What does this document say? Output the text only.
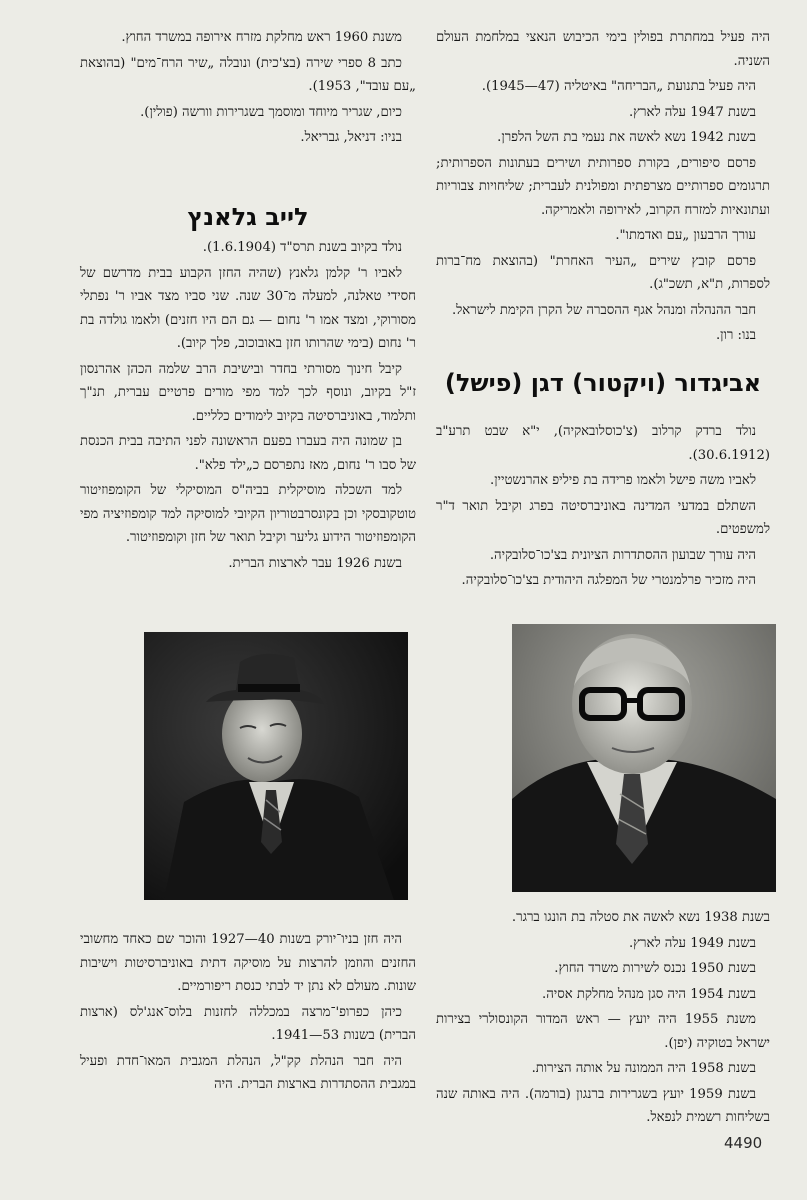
היה פעיל במחתרת בפולין בימי הכיבוש הנאצי במלחמת העולם השניה.

היה פעיל בתנועת „הבריחה" באיטליה (47—1945).

בשנת 1947 עלה לארץ.

בשנת 1942 נשא לאשה את נעמי בת השל הלפרן.

פרסם סיפורים, בקורת ספרותית ושירים בעתונות הספרותית; תרגומים ספרותיים מצרפתית ומפולנית לעברית; שליחויות צבוריות ועתונאיות למזרח הקרוב, לאירופה ולאמריקה.

עורך הרבעון „עם ואדמתו".

פרסם קובץ שירים „העיר האחרת" (בהוצאת מח־ברות לספרות, ת"א, תשכ"ג).

חבר ההנהלה ומנהל אגף ההסברה של הקרן הקימת לישראל.

בנו: רון.

משנת 1960 ראש מחלקת מזרח אירופה במשרד החוץ.

כתב 8 ספרי שירה (בצ'כית) ונובלה „שיר הרח־מים" (בהוצאת „עם עובד", 1953).

כיום, שגריר מיוחד ומוסמך בשגרירות וורשה (פולין).

בניו: דניאל, גבריאל.

לייב גלאנץ

נולד בקיוב בשנת תרס"ד (1.6.1904).

לאביו ר' קלמן גלאנץ (שהיה החזן הקבוע בבית מדרשם של חסידי טאלנה, למעלה מ־30 שנה. שני סביו מצד אביו ר' נפתלי מסורוקי, ומצד אמו ר' נחום — גם הם היו חזנים) ולאמו גולדה בת ר' נחום (בימי שהרותו חזן באובוכוב, פלך קיוב).

קיבל חינוך מסורתי בחדר ובישיבת הרב שלמה הכהן אהרנסון ז"ל בקיוב, ונוסף לכך למד מפי מורים פרטיים עברית, תנ"ך ותלמוד, באוניברסיטה בקיוב לימודים כלליים.

בן שמונה היה בעברו בפעם הראשונה לפני התיבה בבית הכנסת של סבו ר' נחום, מאז נתפרסם כ„ילד פלא".

למד השכלה מוסיקלית בביה"ס המוסיקלי של הקומפוזיטור טוטקובסקי וכן בקונסרבטוריון הקיובי למוסיקה למד קומפוזיציה מפי הקומפוזיטור הידוע גליער וקיבל תואר של חזן וקומפוזיטור.

בשנת 1926 עבר לארצות הברית.

אביגדור (ויקטור) דגן (פישל)

נולד ברדק קרלוב (צ'כוסלובאקיה), י"א שבט תרע"ב (30.6.1912).

לאביו משה פישל ולאמו פרידה בת פיליפ אהרנשטיין.

השתלם במדעי המדינה באוניברסיטה בפרג וקיבל תואר ד"ר למשפטים.

היה עורך שבועון ההסתדרות הציונית בצ'כו־סלובקיה.

היה מזכיר פרלמנטרי של המפלגה היהודית בצ'כו־סלובקיה.

בשנת 1938 נשא לאשה את סטלה בת הונגו ברגר.

בשנת 1949 עלה לארץ.

בשנת 1950 נכנס לשירות משרד החוץ.

בשנת 1954 היה סגן מנהל מחלקת אסיה.

משנת 1955 היה יועץ — ראש המדור הקונסולרי בצירות ישראל בטוקיה (יפן).

בשנת 1958 היה הממונה על אותה הצירות.

בשנת 1959 יועץ בשגרירות ברנגון (בורמה). היה באותה שנה בשליחות רשמית לנפאל.

היה חזן בניו־יורק בשנות 40—1927 והוכר שם כאחד מחשובי החזנים והוזמן להרצות על מוסיקה דתית באוניברסיטות וישיבות שונות. מעולם לא נתן יד לבתי כנסת ריפורמיים.

כיהן כפרופ'־מרצה במכללה לחזנות בלוס־אנג'לס (ארצות הברית) בשנות 53—1941.

היה חבר הנהלת קק"ל, הנהלת המגבית המאו־חדת ופעיל במגבית ההסתדרות בארצות הברית. היה

4490
